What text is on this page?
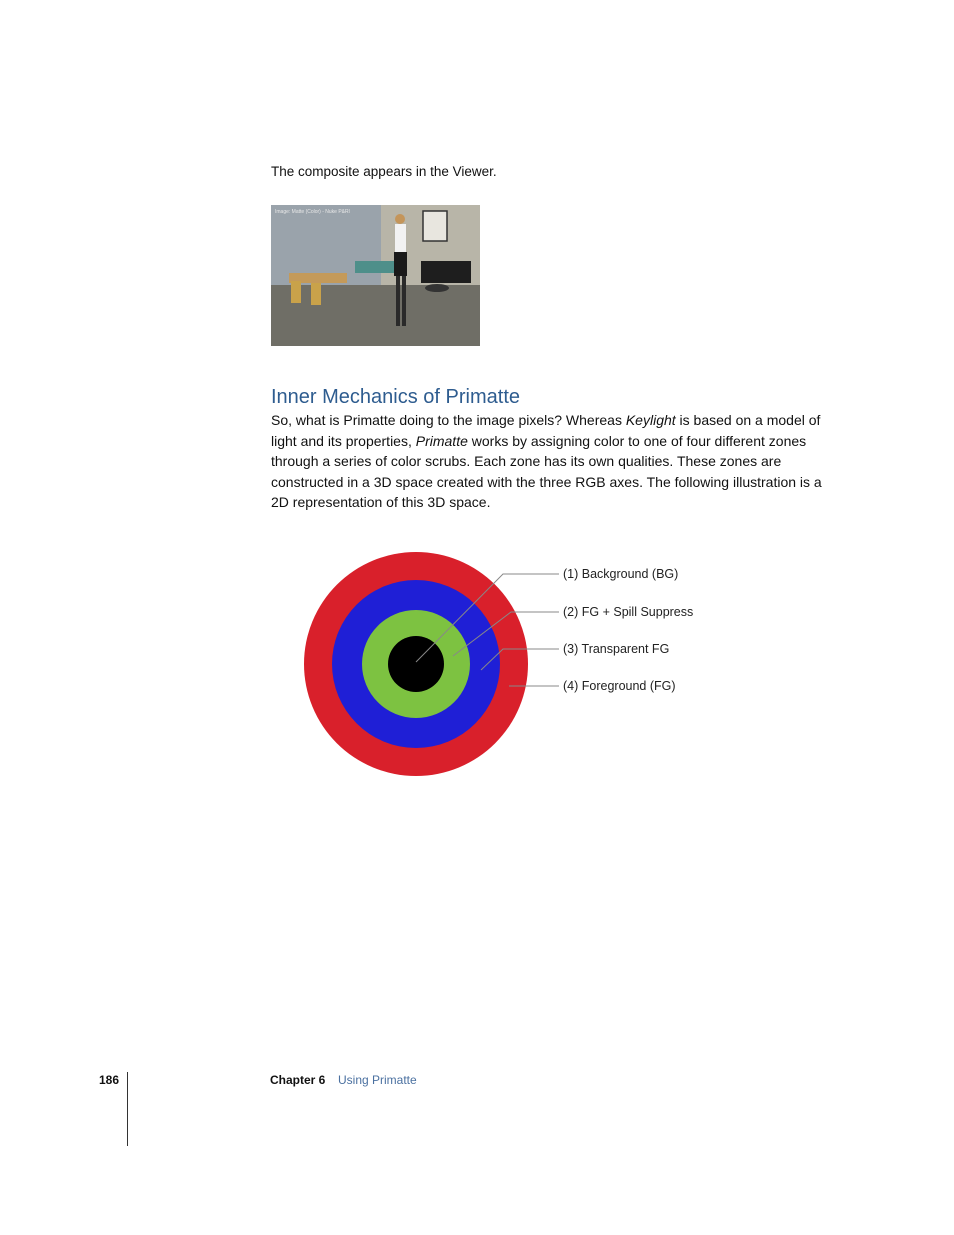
The composite appears in the Viewer.
Image: Matte (Color) - Nuke P&Rl
Inner Mechanics of Primatte
So, what is Primatte doing to the image pixels? Whereas Keylight is based on a model of light and its properties, Primatte works by assigning color to one of four different zones through a series of color scrubs. Each zone has its own qualities. These zones are constructed in a 3D space created with the three RGB axes. The following illustration is a 2D representation of this 3D space.
(1) Background (BG)
(2) FG + Spill Suppress
(3) Transparent FG
(4) Foreground (FG)
186	Chapter 6 Using Primatte
